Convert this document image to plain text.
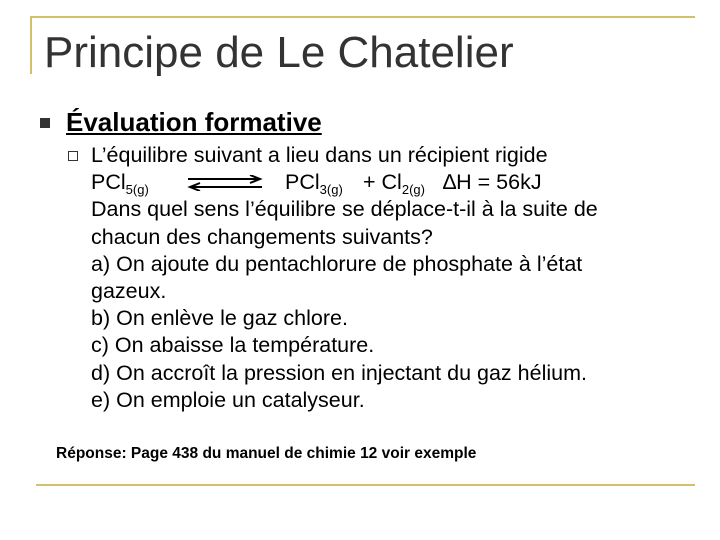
Principe de Le Chatelier
Évaluation formative
L’équilibre suivant a lieu dans un récipient rigide
PCl$_{5(g)}$ ⇌ $PCl_{3(g)} + Cl_{2(g)}$ ∆H = 56kJ
Dans quel sens l’équilibre se déplace-t-il à la suite de
chacun des changements suivants?
a) On ajoute du pentachlorure de phosphate à l’état
gazeux.
b) On enlève le gaz chlore.
c) On abaisse la température.
d) On accroît la pression en injectant du gaz hélium.
e) On emploie un catalyseur.
Réponse: Page 438 du manuel de chimie 12 voir exemple
